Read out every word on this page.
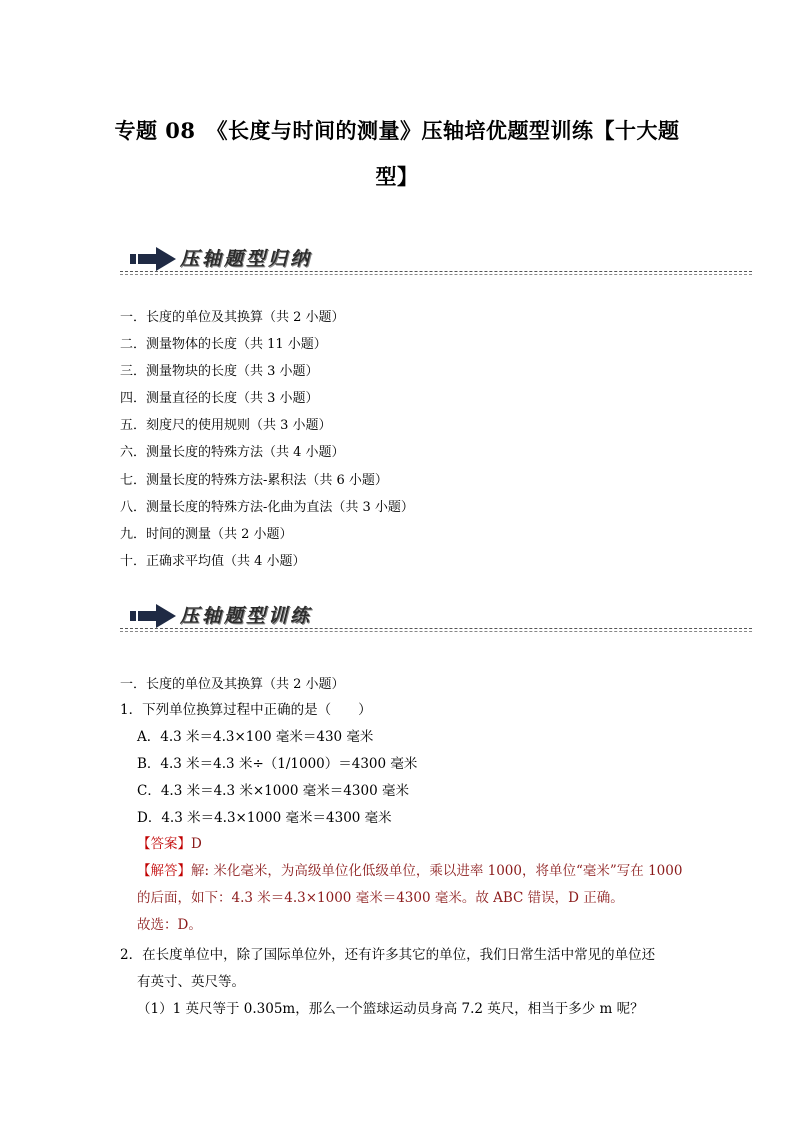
专题 08　《长度与时间的测量》压轴培优题型训练【十大题
型】
压轴题型归纳
一．长度的单位及其换算（共 2 小题）
二．测量物体的长度（共 11 小题）
三．测量物块的长度（共 3 小题）
四．测量直径的长度（共 3 小题）
五．刻度尺的使用规则（共 3 小题）
六．测量长度的特殊方法（共 4 小题）
七．测量长度的特殊方法-累积法（共 6 小题）
八．测量长度的特殊方法-化曲为直法（共 3 小题）
九．时间的测量（共 2 小题）
十．正确求平均值（共 4 小题）
压轴题型训练
一．长度的单位及其换算（共 2 小题）
1．下列单位换算过程中正确的是（　　）
A．4.3 米＝4.3×100 毫米＝430 毫米
B．4.3 米＝4.3 米÷（1/1000）＝4300 毫米
C．4.3 米＝4.3 米×1000 毫米＝4300 毫米
D．4.3 米＝4.3×1000 毫米＝4300 毫米
【答案】D
【解答】解: 米化毫米，为高级单位化低级单位，乘以进率 1000，将单位“毫米”写在 1000
的后面，如下：4.3 米＝4.3×1000 毫米＝4300 毫米。故 ABC 错误，D 正确。
故选：D。
2．在长度单位中，除了国际单位外，还有许多其它的单位，我们日常生活中常见的单位还
有英寸、英尺等。
（1）1 英尺等于 0.305m，那么一个篮球运动员身高 7.2 英尺，相当于多少 m 呢？
